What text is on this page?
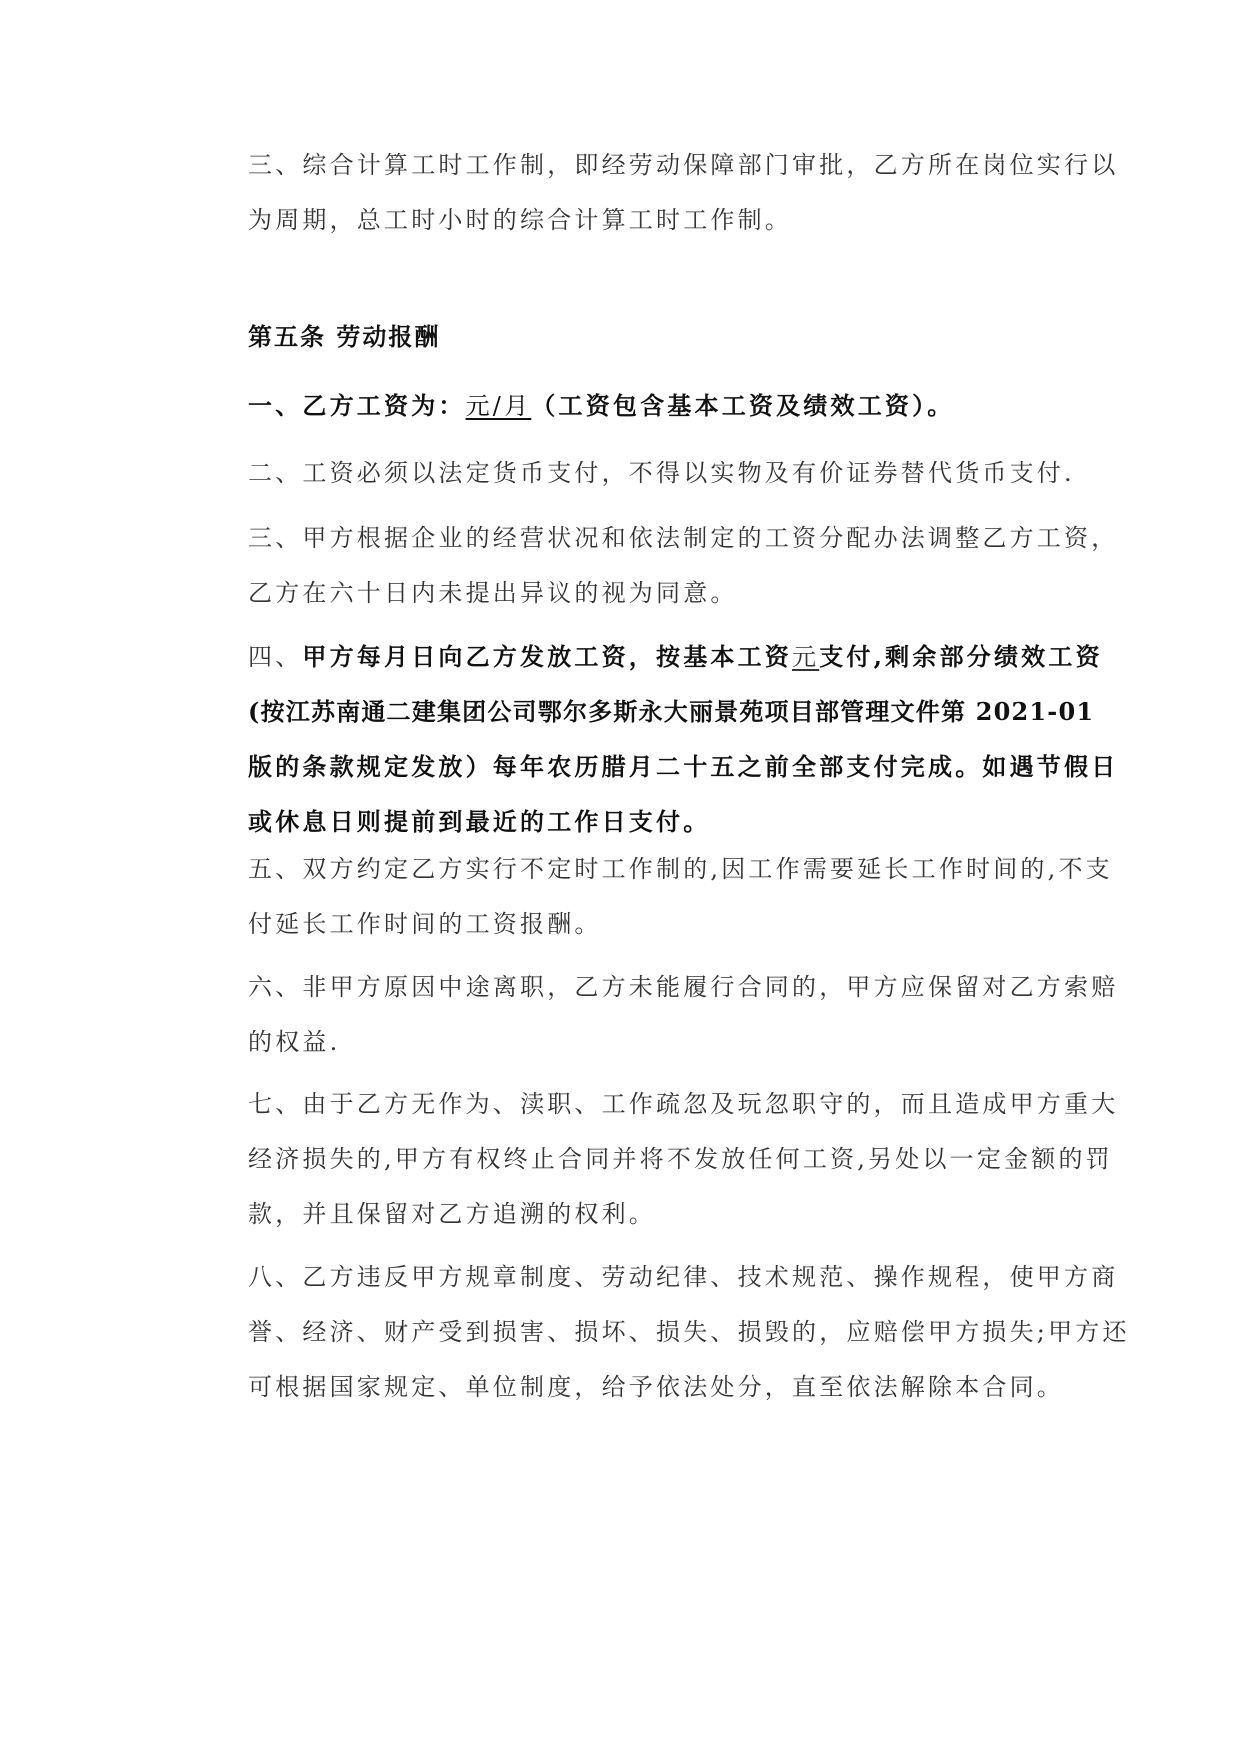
三、综合计算工时工作制，即经劳动保障部门审批，乙方所在岗位实行以
为周期，总工时小时的综合计算工时工作制。

第五条 劳动报酬

一、乙方工资为：元/月（工资包含基本工资及绩效工资）。

二、工资必须以法定货币支付，不得以实物及有价证券替代货币支付.

三、甲方根据企业的经营状况和依法制定的工资分配办法调整乙方工资，
乙方在六十日内未提出异议的视为同意。

四、甲方每月日向乙方发放工资，按基本工资元支付,剩余部分绩效工资
(按江苏南通二建集团公司鄂尔多斯永大丽景苑项目部管理文件第 2021-01
版的条款规定发放）每年农历腊月二十五之前全部支付完成。如遇节假日
或休息日则提前到最近的工作日支付。

五、双方约定乙方实行不定时工作制的,因工作需要延长工作时间的,不支
付延长工作时间的工资报酬。

六、非甲方原因中途离职，乙方未能履行合同的，甲方应保留对乙方索赔
的权益.

七、由于乙方无作为、渎职、工作疏忽及玩忽职守的，而且造成甲方重大
经济损失的,甲方有权终止合同并将不发放任何工资,另处以一定金额的罚
款，并且保留对乙方追溯的权利。

八、乙方违反甲方规章制度、劳动纪律、技术规范、操作规程，使甲方商
誉、经济、财产受到损害、损坏、损失、损毁的，应赔偿甲方损失;甲方还
可根据国家规定、单位制度，给予依法处分，直至依法解除本合同。
